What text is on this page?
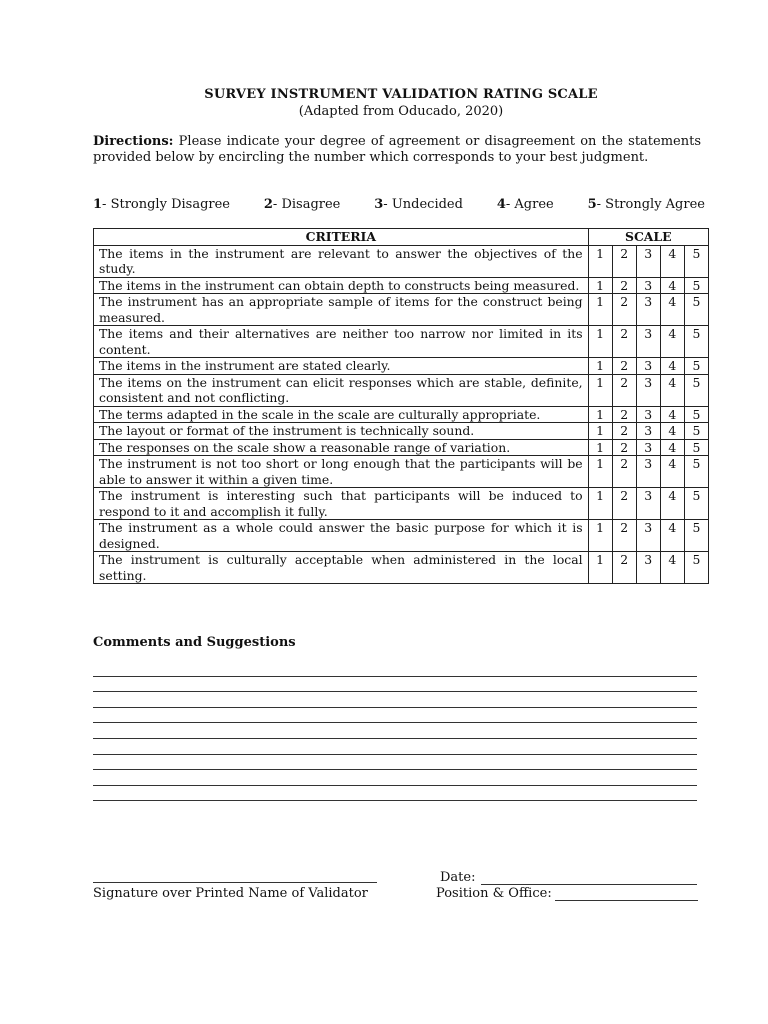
SURVEY INSTRUMENT VALIDATION RATING SCALE
(Adapted from Oducado, 2020)
Directions: Please indicate your degree of agreement or disagreement on the statements provided below by encircling the number which corresponds to your best judgment.
1- Strongly Disagree	2- Disagree	3- Undecided	4- Agree	5- Strongly Agree
CRITERIA	SCALE				
The items in the instrument are relevant to answer the objectives of the study.	1	2	3	4	5
The items in the instrument can obtain depth to constructs being measured.	1	2	3	4	5
The instrument has an appropriate sample of items for the construct being measured.	1	2	3	4	5
The items and their alternatives are neither too narrow nor limited in its content.	1	2	3	4	5
The items in the instrument are stated clearly.	1	2	3	4	5
The items on the instrument can elicit responses which are stable, definite, consistent and not conflicting.	1	2	3	4	5
The terms adapted in the scale in the scale are culturally appropriate.	1	2	3	4	5
The layout or format of the instrument is technically sound.	1	2	3	4	5
The responses on the scale show a reasonable range of variation.	1	2	3	4	5
The instrument is not too short or long enough that the participants will be able to answer it within a given time.	1	2	3	4	5
The instrument is interesting such that participants will be induced to respond to it and accomplish it fully.	1	2	3	4	5
The instrument as a whole could answer the basic purpose for which it is designed.	1	2	3	4	5
The instrument is culturally acceptable when administered in the local setting.	1	2	3	4	5
Comments and Suggestions
Signature over Printed Name of Validator
Date:
Position & Office:
